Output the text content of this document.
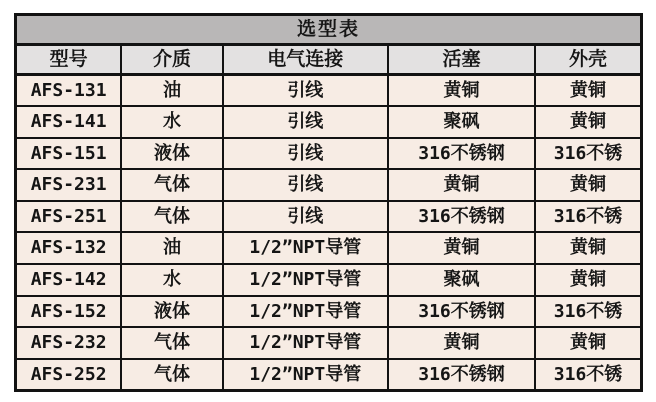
选型表				
型号	介质	电气连接	活塞	外壳
AFS-131	油	引线	黄铜	黄铜
AFS-141	水	引线	聚砜	黄铜
AFS-151	液体	引线	316不锈钢	316不锈
AFS-231	气体	引线	黄铜	黄铜
AFS-251	气体	引线	316不锈钢	316不锈
AFS-132	油	1/2”NPT导管	黄铜	黄铜
AFS-142	水	1/2”NPT导管	聚砜	黄铜
AFS-152	液体	1/2”NPT导管	316不锈钢	316不锈
AFS-232	气体	1/2”NPT导管	黄铜	黄铜
AFS-252	气体	1/2”NPT导管	316不锈钢	316不锈
